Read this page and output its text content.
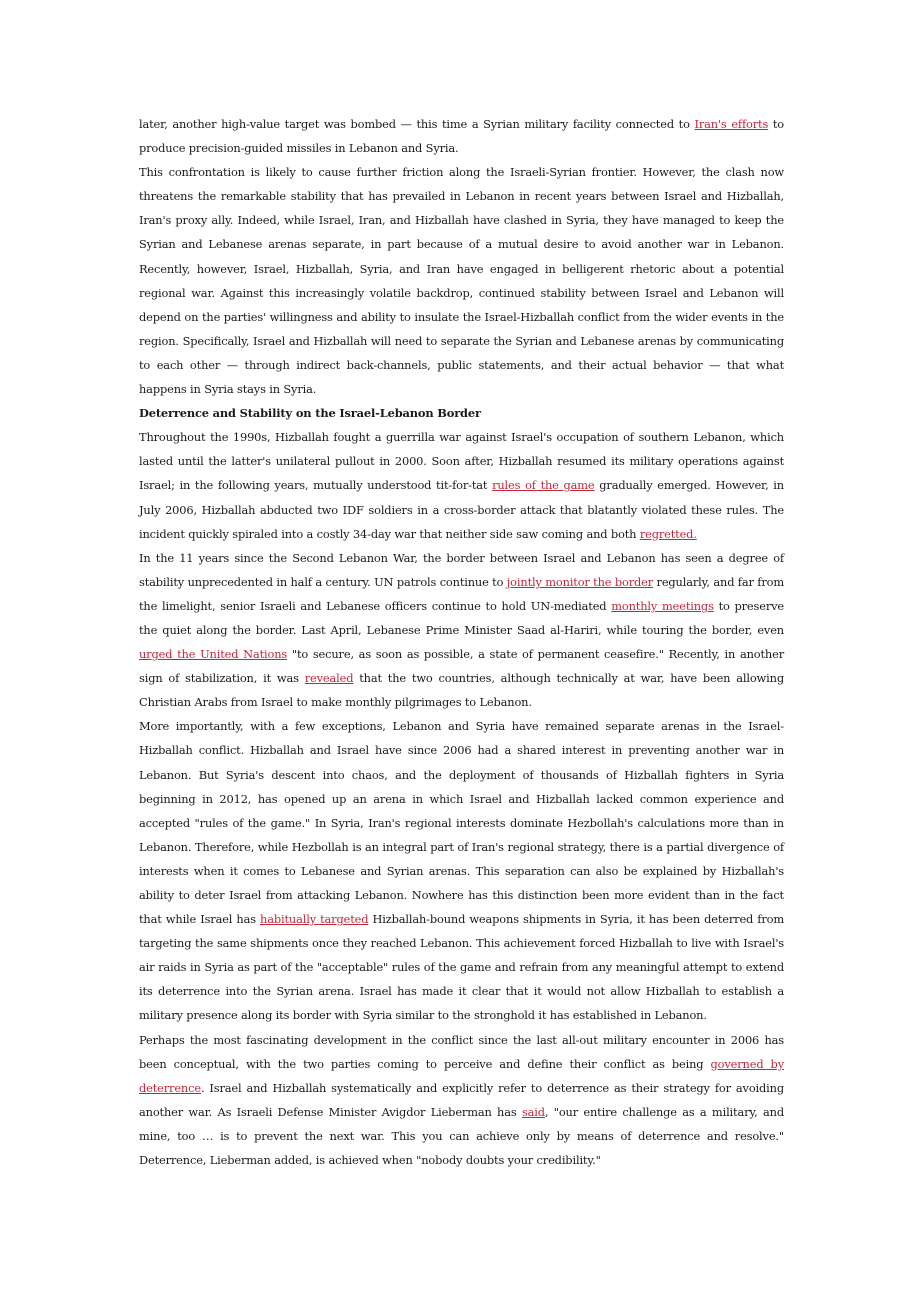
later, another high-value target was bombed — this time a Syrian military facility connected to Iran's efforts to produce precision-guided missiles in Lebanon and Syria.

This confrontation is likely to cause further friction along the Israeli-Syrian frontier. However, the clash now threatens the remarkable stability that has prevailed in Lebanon in recent years between Israel and Hizballah, Iran's proxy ally. Indeed, while Israel, Iran, and Hizballah have clashed in Syria, they have managed to keep the Syrian and Lebanese arenas separate, in part because of a mutual desire to avoid another war in Lebanon. Recently, however, Israel, Hizballah, Syria, and Iran have engaged in belligerent rhetoric about a potential regional war. Against this increasingly volatile backdrop, continued stability between Israel and Lebanon will depend on the parties' willingness and ability to insulate the Israel-Hizballah conflict from the wider events in the region. Specifically, Israel and Hizballah will need to separate the Syrian and Lebanese arenas by communicating to each other — through indirect back-channels, public statements, and their actual behavior — that what happens in Syria stays in Syria.

Deterrence and Stability on the Israel-Lebanon Border

Throughout the 1990s, Hizballah fought a guerrilla war against Israel's occupation of southern Lebanon, which lasted until the latter's unilateral pullout in 2000. Soon after, Hizballah resumed its military operations against Israel; in the following years, mutually understood tit-for-tat rules of the game gradually emerged. However, in July 2006, Hizballah abducted two IDF soldiers in a cross-border attack that blatantly violated these rules. The incident quickly spiraled into a costly 34-day war that neither side saw coming and both regretted.

In the 11 years since the Second Lebanon War, the border between Israel and Lebanon has seen a degree of stability unprecedented in half a century. UN patrols continue to jointly monitor the border regularly, and far from the limelight, senior Israeli and Lebanese officers continue to hold UN-mediated monthly meetings to preserve the quiet along the border. Last April, Lebanese Prime Minister Saad al-Hariri, while touring the border, even urged the United Nations "to secure, as soon as possible, a state of permanent ceasefire." Recently, in another sign of stabilization, it was revealed that the two countries, although technically at war, have been allowing Christian Arabs from Israel to make monthly pilgrimages to Lebanon.

More importantly, with a few exceptions, Lebanon and Syria have remained separate arenas in the Israel-Hizballah conflict. Hizballah and Israel have since 2006 had a shared interest in preventing another war in Lebanon. But Syria's descent into chaos, and the deployment of thousands of Hizballah fighters in Syria beginning in 2012, has opened up an arena in which Israel and Hizballah lacked common experience and accepted "rules of the game." In Syria, Iran's regional interests dominate Hezbollah's calculations more than in Lebanon. Therefore, while Hezbollah is an integral part of Iran's regional strategy, there is a partial divergence of interests when it comes to Lebanese and Syrian arenas. This separation can also be explained by Hizballah's ability to deter Israel from attacking Lebanon. Nowhere has this distinction been more evident than in the fact that while Israel has habitually targeted Hizballah-bound weapons shipments in Syria, it has been deterred from targeting the same shipments once they reached Lebanon. This achievement forced Hizballah to live with Israel's air raids in Syria as part of the "acceptable" rules of the game and refrain from any meaningful attempt to extend its deterrence into the Syrian arena. Israel has made it clear that it would not allow Hizballah to establish a military presence along its border with Syria similar to the stronghold it has established in Lebanon.

Perhaps the most fascinating development in the conflict since the last all-out military encounter in 2006 has been conceptual, with the two parties coming to perceive and define their conflict as being governed by deterrence. Israel and Hizballah systematically and explicitly refer to deterrence as their strategy for avoiding another war. As Israeli Defense Minister Avigdor Lieberman has said, "our entire challenge as a military, and mine, too … is to prevent the next war. This you can achieve only by means of deterrence and resolve." Deterrence, Lieberman added, is achieved when "nobody doubts your credibility."
